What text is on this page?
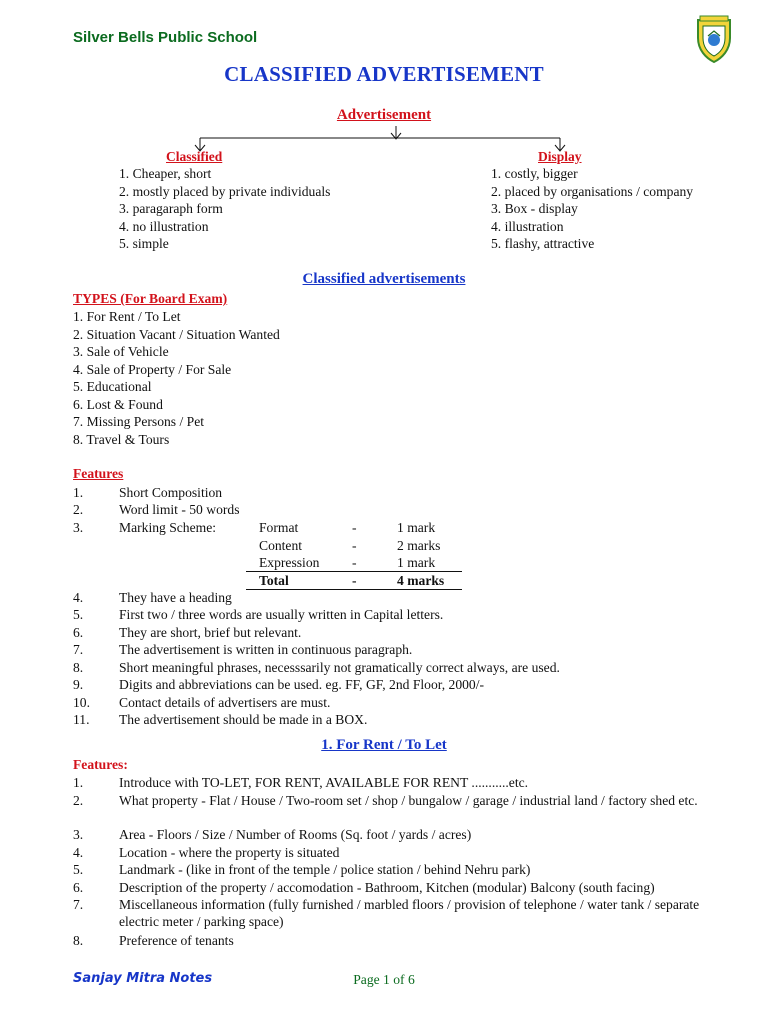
Silver Bells Public School
CLASSIFIED ADVERTISEMENT
Advertisement
Classified	Display
1. Cheaper, short
2. mostly placed by private individuals
3. paragaraph form
4. no illustration
5. simple
1. costly, bigger
2. placed by organisations / company
3. Box - display
4. illustration
5. flashy, attractive
Classified advertisements
TYPES (For Board Exam)
1. For Rent / To Let
2. Situation Vacant / Situation Wanted
3. Sale of Vehicle
4. Sale of Property / For Sale
5. Educational
6. Lost & Found
7. Missing Persons / Pet
8. Travel & Tours
Features
1.	Short Composition
2.	Word limit - 50 words
3.	Marking Scheme:	Format	-	1 mark
Content	-	2 marks
Expression -	1 mark
Total	-	4 marks
4.	They have a heading
5.	First two / three words are usually written in Capital letters.
6.	They are short, brief but relevant.
7.	The advertisement is written in continuous paragraph.
8.	Short meaningful phrases, necesssarily not gramatically correct always, are used.
9.	Digits and abbreviations can be used. eg. FF, GF, 2nd Floor, 2000/-
10.	Contact details of advertisers are must.
11.	The advertisement should be made in a BOX.
1. For Rent / To Let
Features:
1.	Introduce with TO-LET, FOR RENT, AVAILABLE FOR RENT ...........etc.
2.	What property - Flat / House / Two-room set / shop / bungalow / garage / industrial land / factory shed etc.
3.	Area - Floors / Size / Number of Rooms (Sq. foot / yards / acres)
4.	Location - where the property is situated
5.	Landmark - (like in front of the temple / police station / behind Nehru park)
6.	Description of the property / accomodation - Bathroom, Kitchen (modular) Balcony (south facing)
7.	Miscellaneous information (fully furnished / marbled floors / provision of telephone / water tank / separate electric meter / parking space)
8.	Preference of tenants
Sanjay Mitra Notes	Page 1 of 6
